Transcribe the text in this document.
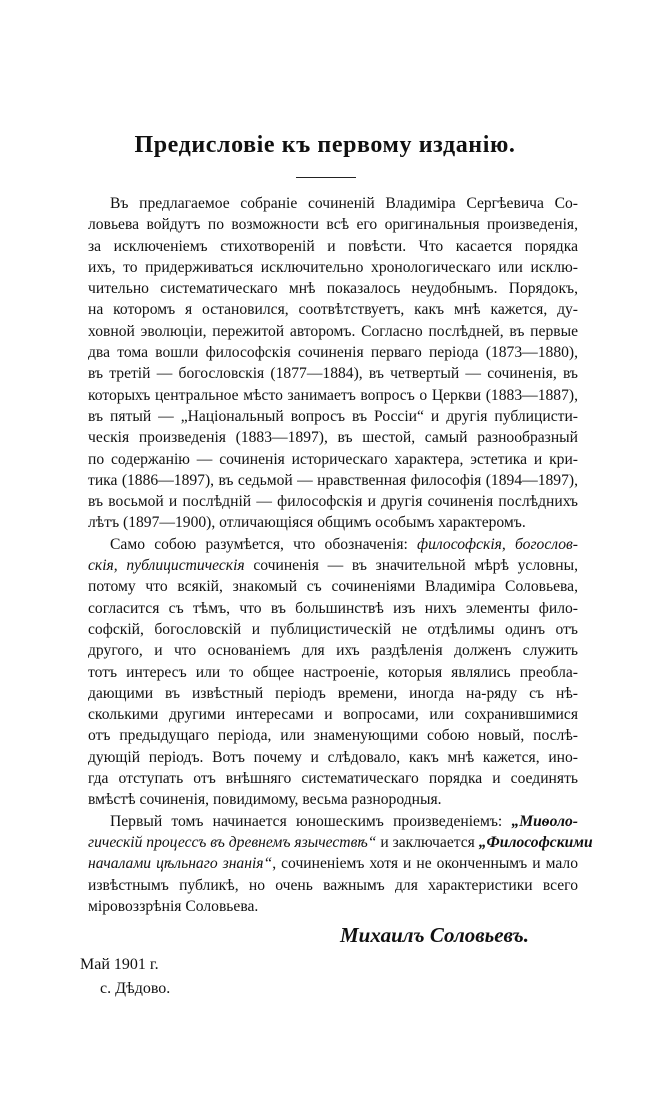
Предисловіе къ первому изданію.
Въ предлагаемое собраніе сочиненій Владиміра Сергѣевича Со-
ловьева войдутъ по возможности всѣ его оригинальныя произведенія,
за исключеніемъ стихотвореній и повѣсти. Что касается порядка
ихъ, то придерживаться исключительно хронологическаго или исклю-
чительно систематическаго мнѣ показалось неудобнымъ. Порядокъ,
на которомъ я остановился, соотвѣтствуетъ, какъ мнѣ кажется, ду-
ховной эволюціи, пережитой авторомъ. Согласно послѣдней, въ первые
два тома вошли философскія сочиненія перваго періода (1873—1880),
въ третій — богословскія (1877—1884), въ четвертый — сочиненія, въ
которыхъ центральное мѣсто занимаетъ вопросъ о Церкви (1883—1887),
въ пятый — „Національный вопросъ въ Россіи“ и другія публицисти-
ческія произведенія (1883—1897), въ шестой, самый разнообразный
по содержанію — сочиненія историческаго характера, эстетика и кри-
тика (1886—1897), въ седьмой — нравственная философія (1894—1897),
въ восьмой и послѣдній — философскія и другія сочиненія послѣднихъ
лѣтъ (1897—1900), отличающіяся общимъ особымъ характеромъ.
Само собою разумѣется, что обозначенія: философскія, богослов-
скія, публицистическія сочиненія — въ значительной мѣрѣ условны,
потому что всякій, знакомый съ сочиненіями Владиміра Соловьева,
согласится съ тѣмъ, что въ большинствѣ изъ нихъ элементы фило-
софскій, богословскій и публицистическій не отдѣлимы одинъ отъ
другого, и что основаніемъ для ихъ раздѣленія долженъ служить
тотъ интересъ или то общее настроеніе, которыя являлись преобла-
дающими въ извѣстный періодъ времени, иногда на-ряду съ нѣ-
сколькими другими интересами и вопросами, или сохранившимися
отъ предыдущаго періода, или знаменующими собою новый, послѣ-
дующій періодъ. Вотъ почему и слѣдовало, какъ мнѣ кажется, ино-
гда отступать отъ внѣшняго систематическаго порядка и соединять
вмѣстѣ сочиненія, повидимому, весьма разнородныя.
Первый томъ начинается юношескимъ произведеніемъ: „Миѳоло-
гическій процессъ въ древнемъ язычествѣ“ и заключается „Философскими
началами цѣльнаго знанія“, сочиненіемъ хотя и не оконченнымъ и мало
извѣстнымъ публикѣ, но очень важнымъ для характеристики всего
міровоззрѣнія Соловьева.
Михаилъ Соловьевъ.
Май 1901 г.
с. Дѣдово.
